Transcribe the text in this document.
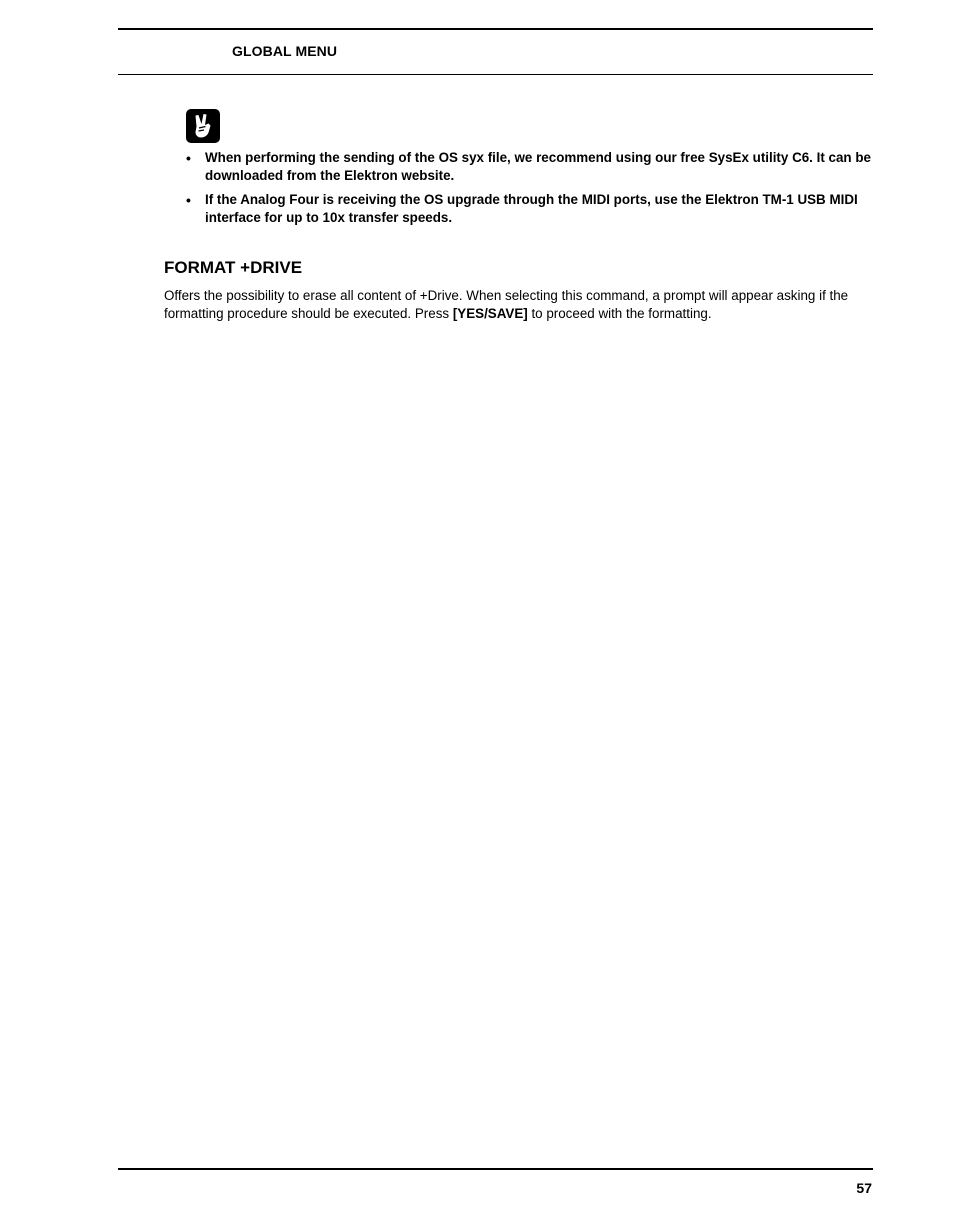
GLOBAL MENU
• When performing the sending of the OS syx file, we recommend using our free SysEx utility C6. It can be downloaded from the Elektron website.
• If the Analog Four is receiving the OS upgrade through the MIDI ports, use the Elektron TM-1 USB MIDI interface for up to 10x transfer speeds.
FORMAT +DRIVE

Offers the possibility to erase all content of +Drive. When selecting this command, a prompt will appear asking if the formatting procedure should be executed. Press [YES/SAVE] to proceed with the formatting.

57
